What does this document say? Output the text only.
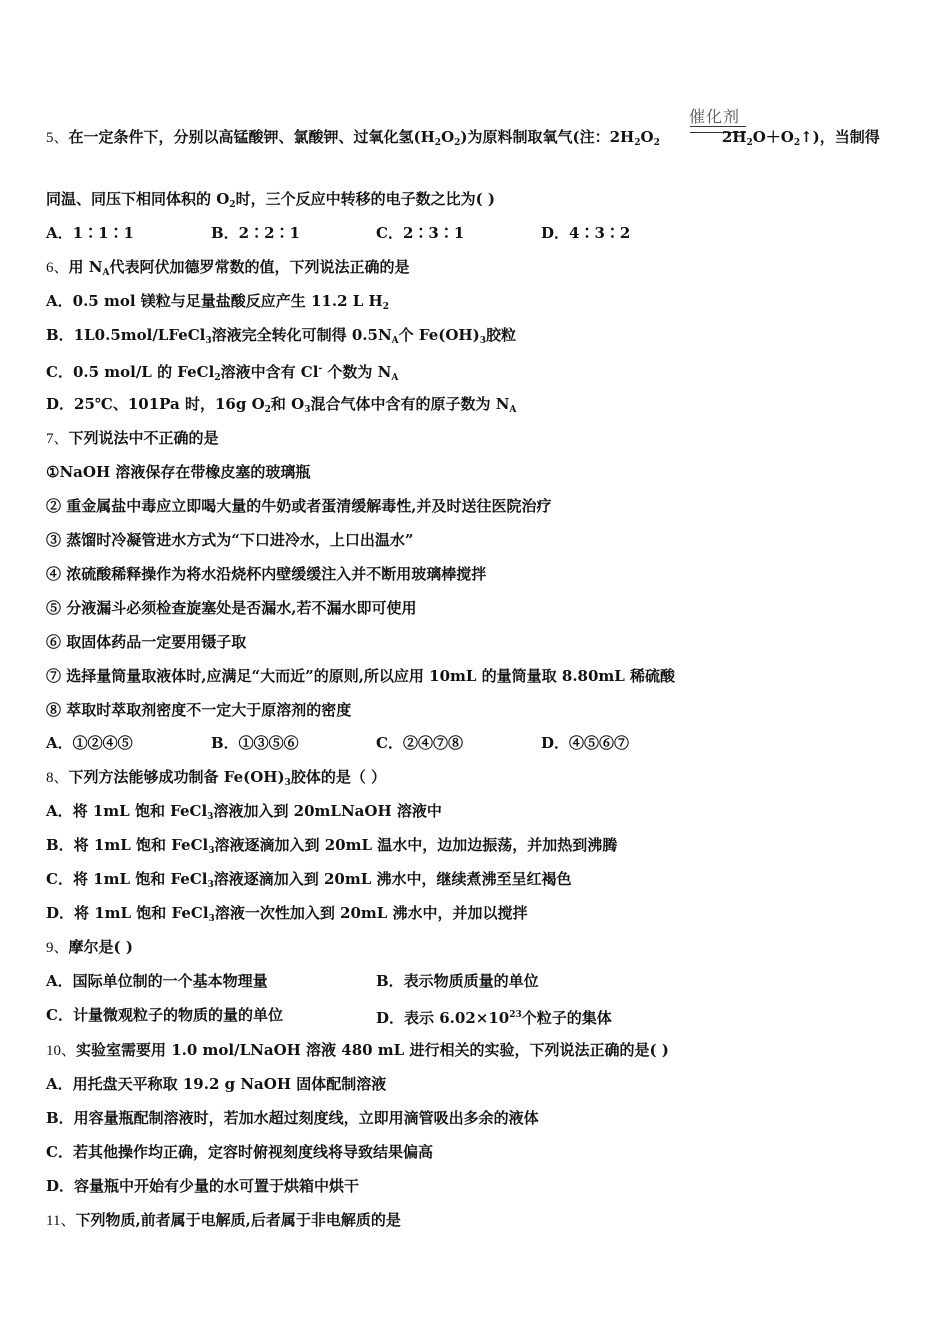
催化剂
5、在一定条件下，分别以高锰酸钾、氯酸钾、过氧化氢$(H_2O_2)$为原料制取氧气(注：$2H_2O_2$	$2H_2O+O_2↑$)，当制得
同温、同压下相同体积的 $O_2$时，三个反应中转移的电子数之比为( )
A．1∶1∶1	B．2∶2∶1	C．2∶3∶1	D．4∶3∶2
6、用 $N_A$代表阿伏加德罗常数的值，下列说法正确的是
A．0.5 mol 镁粒与足量盐酸反应产生 11.2 L $H_2$
B．1L0.5mol/LFeCl$_3$溶液完全转化可制得 $0.5N_A$个 $Fe(OH)_3$胶粒
C．0.5 mol/L 的 FeCl$_2$溶液中含有 Cl- 个数为 $N_A$
D．25℃、101Pa 时，16g $O_2$和 $O_3$混合气体中含有的原子数为 $N_A$
7、下列说法中不正确的是
①NaOH 溶液保存在带橡皮塞的玻璃瓶
② 重金属盐中毒应立即喝大量的牛奶或者蛋清缓解毒性,并及时送往医院治疗
③ 蒸馏时冷凝管进水方式为“下口进冷水，上口出温水”
④ 浓硫酸稀释操作为将水沿烧杯内壁缓缓注入并不断用玻璃棒搅拌
⑤ 分液漏斗必须检查旋塞处是否漏水,若不漏水即可使用
⑥ 取固体药品一定要用镊子取
⑦ 选择量筒量取液体时,应满足“大而近”的原则,所以应用 10mL 的量筒量取 8.80mL 稀硫酸
⑧ 萃取时萃取剂密度不一定大于原溶剂的密度
A．①②④⑤	B．①③⑤⑥	C．②④⑦⑧	D．④⑤⑥⑦
8、下列方法能够成功制备 $Fe(OH)_3$胶体的是（ ）
A．将 1mL 饱和 FeCl$_3$溶液加入到 20mLNaOH 溶液中
B．将 1mL 饱和 FeCl$_3$溶液逐滴加入到 20mL 温水中，边加边振荡，并加热到沸腾
C．将 1mL 饱和 FeCl$_3$溶液逐滴加入到 20mL 沸水中，继续煮沸至呈红褐色
D．将 1mL 饱和 FeCl$_3$溶液一次性加入到 20mL 沸水中，并加以搅拌
9、摩尔是( )
A．国际单位制的一个基本物理量	B．表示物质质量的单位
C．计量微观粒子的物质的量的单位	D．表示 $6.02\times 10^{23}$个粒子的集体
10、实验室需要用 1.0 mol/LNaOH 溶液 480 mL 进行相关的实验，下列说法正确的是( )
A．用托盘天平称取 19.2 g NaOH 固体配制溶液
B．用容量瓶配制溶液时，若加水超过刻度线，立即用滴管吸出多余的液体
C．若其他操作均正确，定容时俯视刻度线将导致结果偏高
D．容量瓶中开始有少量的水可置于烘箱中烘干
11、下列物质,前者属于电解质,后者属于非电解质的是
